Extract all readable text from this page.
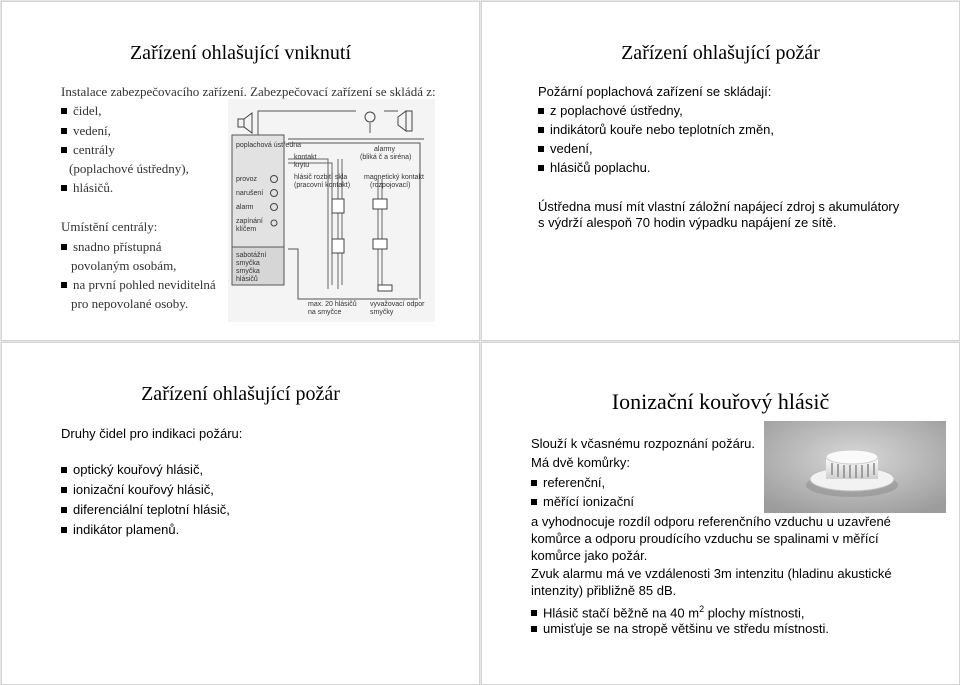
Zařízení ohlašující vniknutí
Instalace zabezpečovacího zařízení. Zabezpečovací zařízení se skládá z:
čidel,
vedení,
centrály
(poplachové ústředny),
hlásičů.
Umístění centrály:
snadno přístupná
povolaným osobám,
na první pohled neviditelná
pro nepovolané osoby.
poplachová ústředna
provoz
narušení
alarm
zapínání
klíčem
sabotážní
smyčka
smyčka
hlásičů
kontakt
krytu
hlásič rozbití skla
(pracovní kontakt)
alarmy
(bliká č a siréna)
magnetický kontakt
(rozpojovací)
max. 20 hlásičů
na smyčce
vyvažovací odpor
smyčky
Zařízení ohlašující požár
Požární poplachová zařízení se skládají:
z poplachové ústředny,
indikátorů kouře nebo teplotních změn,
vedení,
hlásičů poplachu.
Ústředna musí mít vlastní záložní napájecí zdroj s akumulátory
s výdrží alespoň 70 hodin výpadku napájení ze sítě.
Zařízení ohlašující požár
Druhy čidel pro indikaci požáru:
optický kouřový hlásič,
ionizační kouřový hlásič,
diferenciální teplotní hlásič,
indikátor plamenů.
Ionizační kouřový hlásič
Slouží k včasnému rozpoznání požáru.
Má dvě komůrky:
referenční,
měřící ionizační
a vyhodnocuje rozdíl odporu referenčního vzduchu u uzavřené
komůrce a odporu proudícího vzduchu se spalinami v měřící
komůrce jako požár.
Zvuk alarmu má ve vzdálenosti 3m intenzitu (hladinu akustické
intenzity) přibližně 85 dB.
Hlásič stačí běžně na 40 $m^2$ plochy místnosti,
umisťuje se na stropě většinu ve středu místnosti.
